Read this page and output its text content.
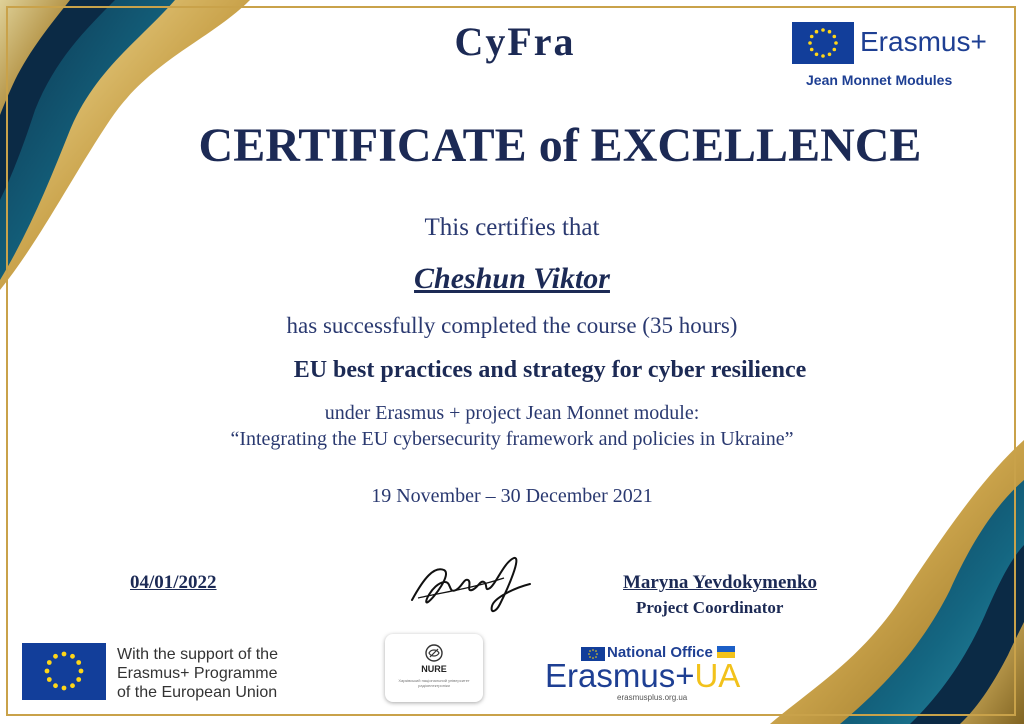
CyFra	Erasmus+
Jean Monnet Modules
CERTIFICATE of EXCELLENCE
This certifies that
Cheshun Viktor
has successfully completed the course (35 hours)
EU best practices and strategy for cyber resilience
under Erasmus + project Jean Monnet module:
“Integrating the EU cybersecurity framework and policies in Ukraine”
19 November – 30 December 2021
04/01/2022	Maryna Yevdokymenko
Project Coordinator
With the support of the
Erasmus+ Programme
of the European Union
NURE
Харківський національний університет радіоелектроніки
National Office
Erasmus+UA
erasmusplus.org.ua
